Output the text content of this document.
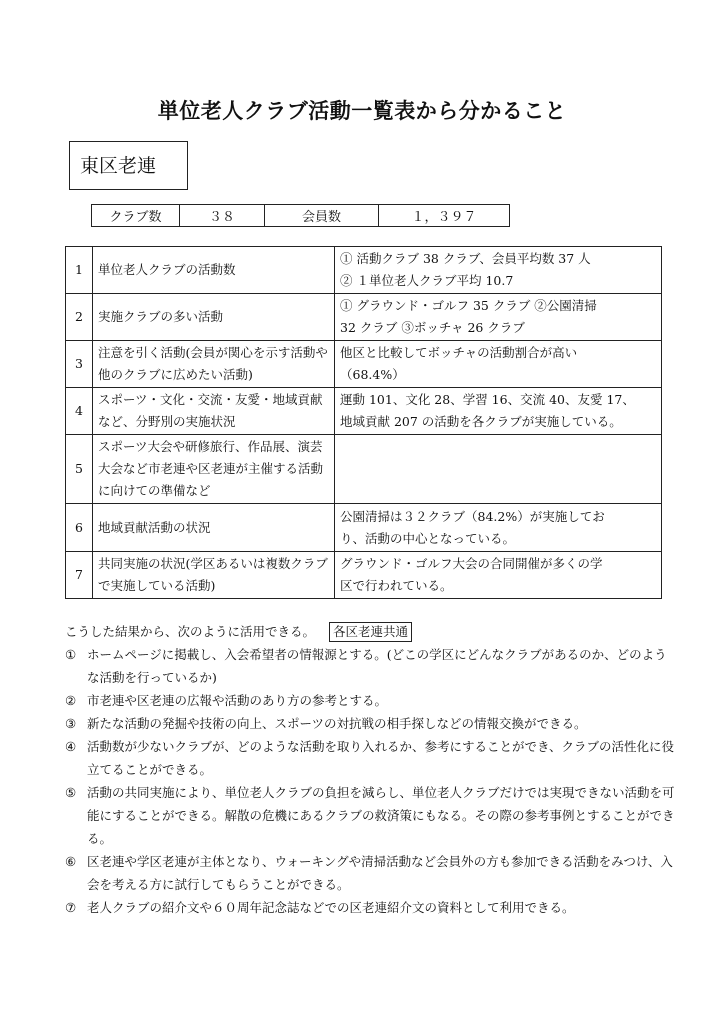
単位老人クラブ活動一覧表から分かること
東区老連
クラブ数	３８	会員数	１，３９７
1	単位老人クラブの活動数	① 活動クラブ 38 クラブ、会員平均数 37 人
② １単位老人クラブ平均 10.7

2	実施クラブの多い活動	① グラウンド・ゴルフ 35 クラブ ②公園清掃
32 クラブ ③ボッチャ 26 クラブ

3	注意を引く活動(会員が関心を示す活動や他のクラブに広めたい活動)	他区と比較してボッチャの活動割合が高い
（68.4%）

4	スポーツ・文化・交流・友愛・地域貢献など、分野別の実施状況	運動 101、文化 28、学習 16、交流 40、友愛 17、
地域貢献 207 の活動を各クラブが実施している。

5	スポーツ大会や研修旅行、作品展、演芸大会など市老連や区老連が主催する活動に向けての準備など	
6	地域貢献活動の状況	公園清掃は３２クラブ（84.2%）が実施してお
り、活動の中心となっている。

7	共同実施の状況(学区あるいは複数クラブで実施している活動)	グラウンド・ゴルフ大会の合同開催が多くの学
区で行われている。
こうした結果から、次のように活用できる。	各区老連共通
① ホームページに掲載し、入会希望者の情報源とする。(どこの学区にどんなクラブがあるのか、どのような活動を行っているか)
② 市老連や区老連の広報や活動のあり方の参考とする。
③ 新たな活動の発掘や技術の向上、スポーツの対抗戦の相手探しなどの情報交換ができる。
④ 活動数が少ないクラブが、どのような活動を取り入れるか、参考にすることができ、クラブの活性化に役立てることができる。
⑤ 活動の共同実施により、単位老人クラブの負担を減らし、単位老人クラブだけでは実現できない活動を可能にすることができる。解散の危機にあるクラブの救済策にもなる。その際の参考事例とすることができる。
⑥ 区老連や学区老連が主体となり、ウォーキングや清掃活動など会員外の方も参加できる活動をみつけ、入会を考える方に試行してもらうことができる。
⑦ 老人クラブの紹介文や６０周年記念誌などでの区老連紹介文の資料として利用できる。
